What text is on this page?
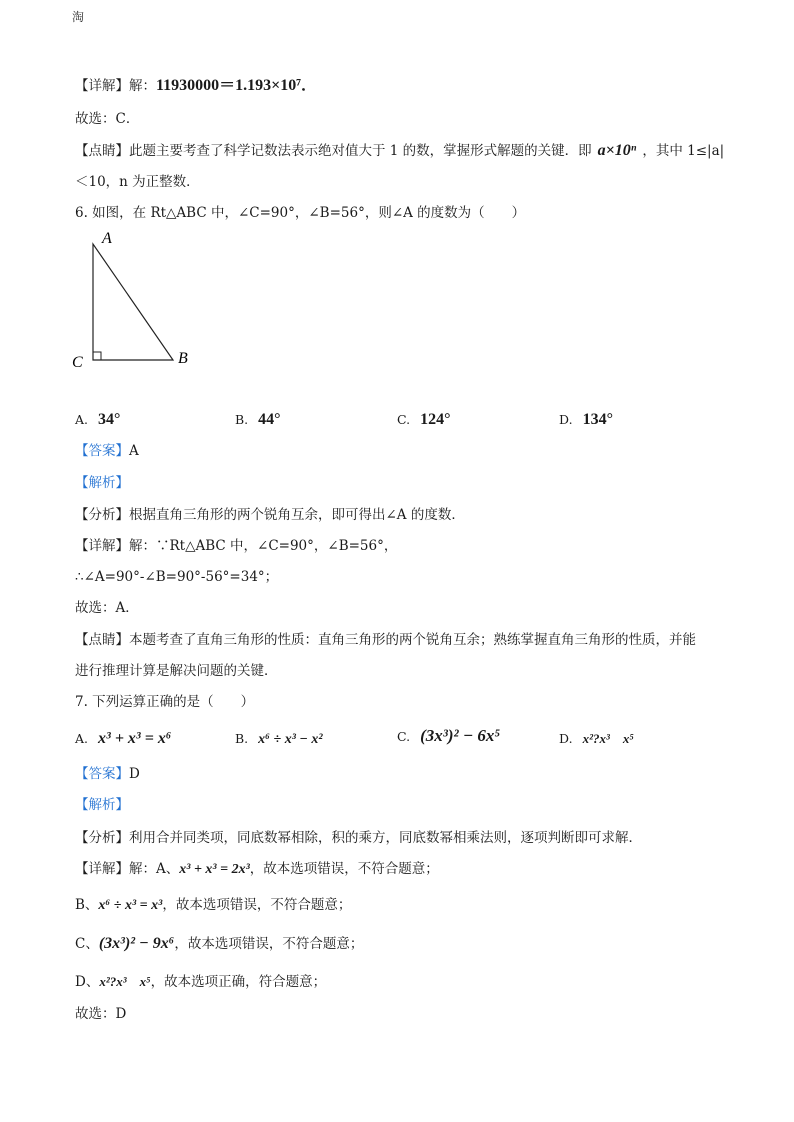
淘
【详解】解：11930000＝1.193×10⁷．
故选：C．
【点睛】此题主要考查了科学记数法表示绝对值大于 1 的数，掌握形式解题的关键．即 a×10ⁿ ，其中 1≤|a|
＜10，n 为正整数．
6. 如图，在 Rt△ABC 中，∠C=90°，∠B=56°，则∠A 的度数为（　　）
A
C	B
A. 34°	B. 44°	C. 124°	D. 134°
【答案】A
【解析】
【分析】根据直角三角形的两个锐角互余，即可得出∠A 的度数．
【详解】解：∵Rt△ABC 中，∠C=90°，∠B=56°，
∴∠A=90°-∠B=90°-56°=34°；
故选：A．
【点睛】本题考查了直角三角形的性质：直角三角形的两个锐角互余；熟练掌握直角三角形的性质，并能
进行推理计算是解决问题的关键．
7. 下列运算正确的是（　　）
A. x³ + x³ = x⁶	B. x⁶ ÷ x³ − x²	C. (3x³)² − 6x⁵	D. x²?x³　x⁵
【答案】D
【解析】
【分析】利用合并同类项，同底数幂相除，积的乘方，同底数幂相乘法则，逐项判断即可求解．
【详解】解：A、x³ + x³ = 2x³，故本选项错误，不符合题意；
B、x⁶ ÷ x³ = x³，故本选项错误，不符合题意；
C、(3x³)² − 9x⁶，故本选项错误，不符合题意；
D、x²?x³　x⁵，故本选项正确，符合题意；
故选：D
